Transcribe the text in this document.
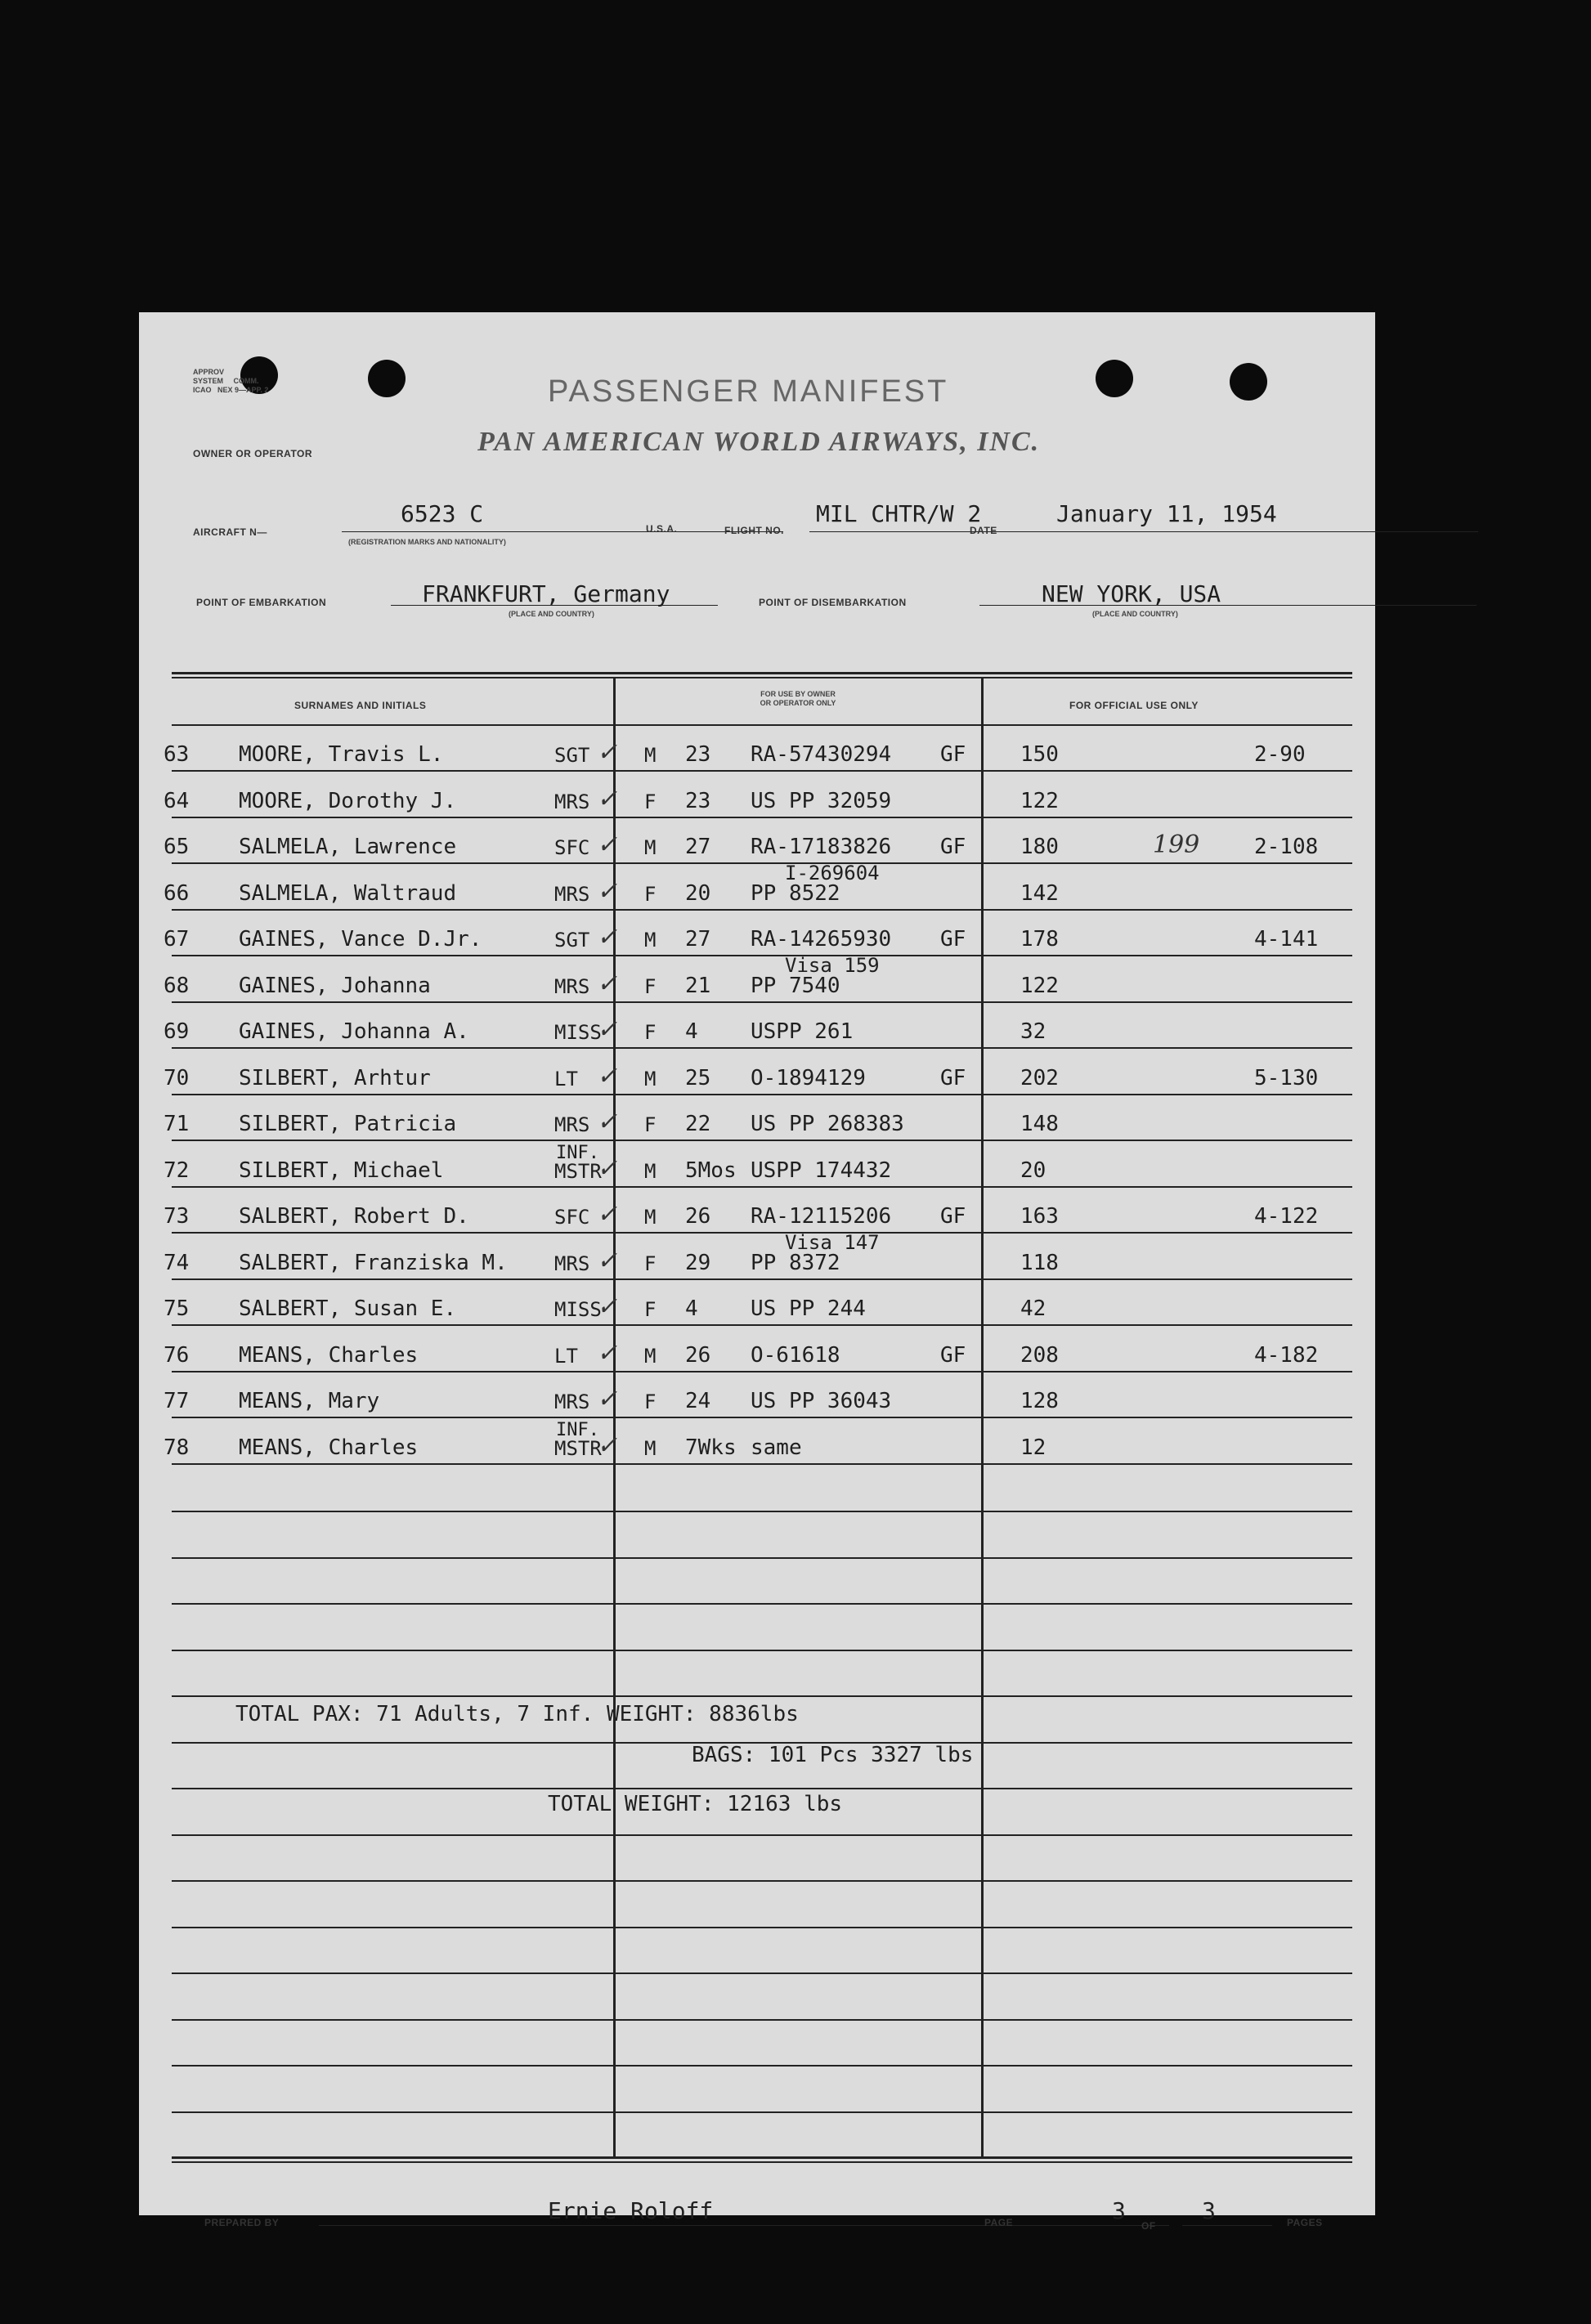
APPROV
SYSTEM COMM.
ICAO NEX 9—APP. 2	PASSENGER MANIFEST
PAN AMERICAN WORLD AIRWAYS, INC.
OWNER OR OPERATOR
AIRCRAFT N—
6523 C
(REGISTRATION MARKS AND NATIONALITY)
U.S.A.	FLIGHT NO.
MIL CHTR/W 2
DATE
January 11, 1954
POINT OF EMBARKATION	FRANKFURT, Germany
(PLACE AND COUNTRY)
POINT OF DISEMBARKATION	NEW YORK, USA
(PLACE AND COUNTRY)
SURNAMES AND INITIALS
FOR USE BY OWNER
OR OPERATOR ONLY	FOR OFFICIAL USE ONLY
63 MOORE, Travis L.	SGT	M 23 RA-57430294 GF	150	2-90
✓
64 MOORE, Dorothy J.	MRS	F 23 US PP 32059	122
✓
65 SALMELA, Lawrence	SFC	M 27 RA-17183826 GF	180	2-108
199
✓
66 SALMELA, Waltraud	MRS	F 20 PP 8522	142
I-269604
✓
67 GAINES, Vance D.Jr.	SGT	M 27 RA-14265930 GF	178	4-141
✓
68 GAINES, Johanna	MRS	F 21 PP 7540	122
Visa 159
✓
69 GAINES, Johanna A.	MISS F 4 USPP 261	32
✓
70 SILBERT, Arhtur	LT	M 25 O-1894129	GF	202	5-130
✓
71 SILBERT, Patricia	MRS	F 22 US PP 268383	148
✓
72 SILBERT, Michael	MSTR M 5Mos USPP 174432	20
INF.
✓
73 SALBERT, Robert D.	SFC	M 26 RA-12115206 GF	163	4-122
✓
74 SALBERT, Franziska M. MRS	F 29 PP 8372	118
Visa 147
✓
75 SALBERT, Susan E.	MISS F 4 US PP 244	42
✓
76 MEANS, Charles	LT	M 26 O-61618	GF	208	4-182
✓
77 MEANS, Mary	MRS	F 24 US PP 36043	128
✓
78 MEANS, Charles	MSTR M 7Wks same	12
INF.
✓
TOTAL PAX: 71 Adults, 7 Inf. WEIGHT: 8836lbs
BAGS: 101 Pcs 3327 lbs
TOTAL WEIGHT: 12163 lbs
PREPARED BY	Ernie Roloff	PAGE	3
OF
3	PAGES
